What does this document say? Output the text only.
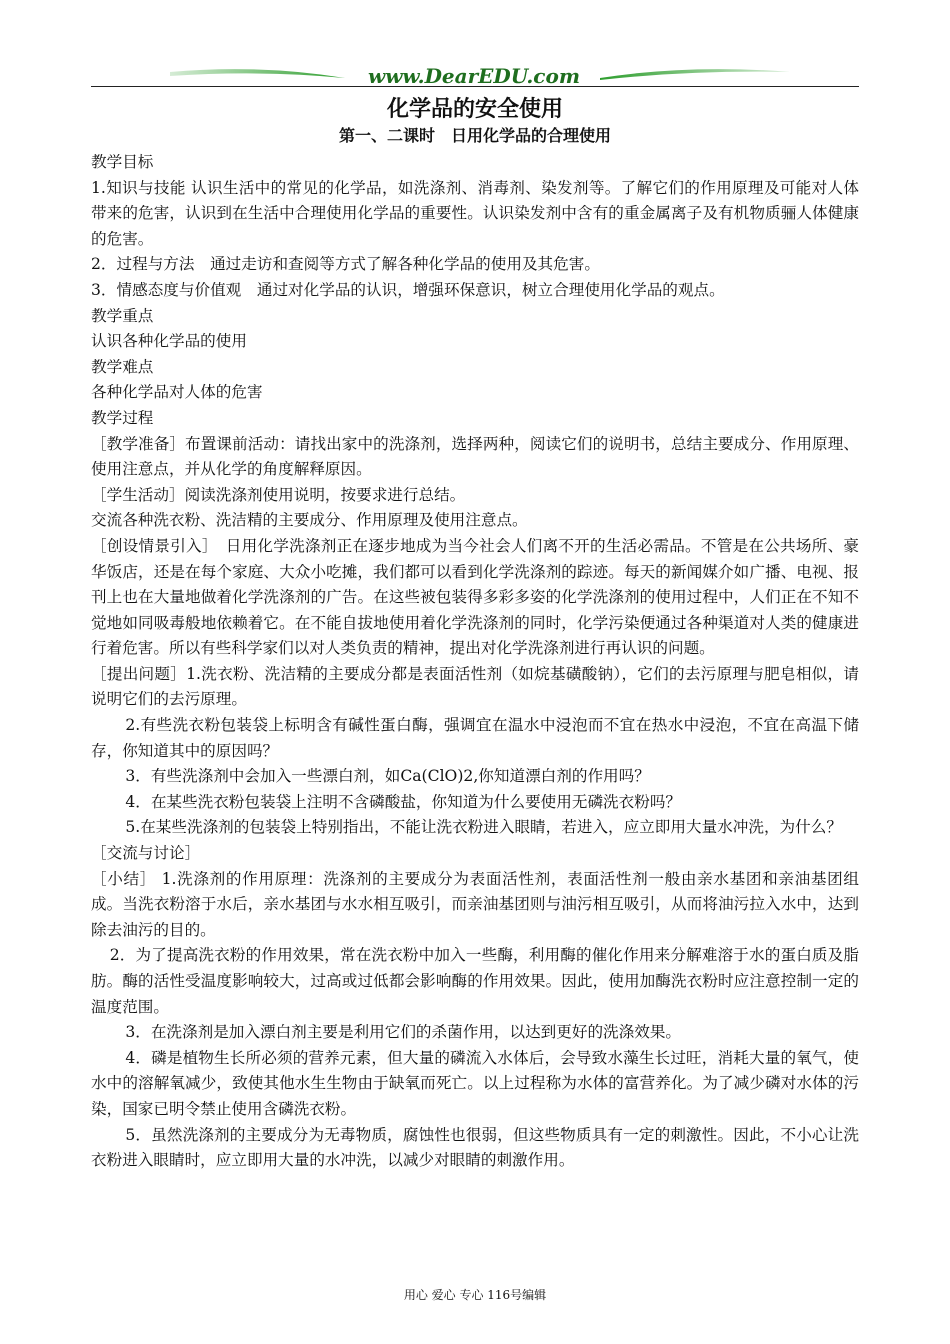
www.DearEDU.com
化学品的安全使用
第一、二课时　日用化学品的合理使用

教学目标

1.知识与技能 认识生活中的常见的化学品，如洗涤剂、消毒剂、染发剂等。了解它们的作用原理及可能对人体带来的危害，认识到在生活中合理使用化学品的重要性。认识染发剂中含有的重金属离子及有机物质骊人体健康的危害。

2．过程与方法　通过走访和查阅等方式了解各种化学品的使用及其危害。

3．情感态度与价值观　通过对化学品的认识，增强环保意识，树立合理使用化学品的观点。

教学重点

认识各种化学品的使用

教学难点

各种化学品对人体的危害

教学过程

［教学准备］布置课前活动：请找出家中的洗涤剂，选择两种，阅读它们的说明书，总结主要成分、作用原理、使用注意点，并从化学的角度解释原因。

［学生活动］阅读洗涤剂使用说明，按要求进行总结。

交流各种洗衣粉、洗洁精的主要成分、作用原理及使用注意点。

［创设情景引入］　日用化学洗涤剂正在逐步地成为当今社会人们离不开的生活必需品。不管是在公共场所、豪华饭店，还是在每个家庭、大众小吃摊，我们都可以看到化学洗涤剂的踪迹。每天的新闻媒介如广播、电视、报刊上也在大量地做着化学洗涤剂的广告。在这些被包装得多彩多姿的化学洗涤剂的使用过程中，人们正在不知不觉地如同吸毒般地依赖着它。在不能自拔地使用着化学洗涤剂的同时，化学污染便通过各种渠道对人类的健康进行着危害。所以有些科学家们以对人类负责的精神，提出对化学洗涤剂进行再认识的问题。

［提出问题］1.洗衣粉、洗洁精的主要成分都是表面活性剂（如烷基磺酸钠），它们的去污原理与肥皂相似，请说明它们的去污原理。

2.有些洗衣粉包装袋上标明含有碱性蛋白酶，强调宜在温水中浸泡而不宜在热水中浸泡，不宜在高温下储存，你知道其中的原因吗？

3．有些洗涤剂中会加入一些漂白剂，如Ca(ClO)2,你知道漂白剂的作用吗？

4．在某些洗衣粉包装袋上注明不含磷酸盐，你知道为什么要使用无磷洗衣粉吗？

5.在某些洗涤剂的包装袋上特别指出，不能让洗衣粉进入眼睛，若进入，应立即用大量水冲洗，为什么？

［交流与讨论］

［小结］ 1.洗涤剂的作用原理：洗涤剂的主要成分为表面活性剂，表面活性剂一般由亲水基团和亲油基团组成。当洗衣粉溶于水后，亲水基团与水水相互吸引，而亲油基团则与油污相互吸引，从而将油污拉入水中，达到除去油污的目的。

2．为了提高洗衣粉的作用效果，常在洗衣粉中加入一些酶，利用酶的催化作用来分解难溶于水的蛋白质及脂肪。酶的活性受温度影响较大，过高或过低都会影响酶的作用效果。因此，使用加酶洗衣粉时应注意控制一定的温度范围。

3．在洗涤剂是加入漂白剂主要是利用它们的杀菌作用，以达到更好的洗涤效果。

4．磷是植物生长所必须的营养元素，但大量的磷流入水体后，会导致水藻生长过旺，消耗大量的氧气，使水中的溶解氧减少，致使其他水生生物由于缺氧而死亡。以上过程称为水体的富营养化。为了减少磷对水体的污染，国家已明令禁止使用含磷洗衣粉。

5．虽然洗涤剂的主要成分为无毒物质，腐蚀性也很弱，但这些物质具有一定的刺激性。因此，不小心让洗衣粉进入眼睛时，应立即用大量的水冲洗，以减少对眼睛的刺激作用。

用心 爱心 专心 116号编辑
